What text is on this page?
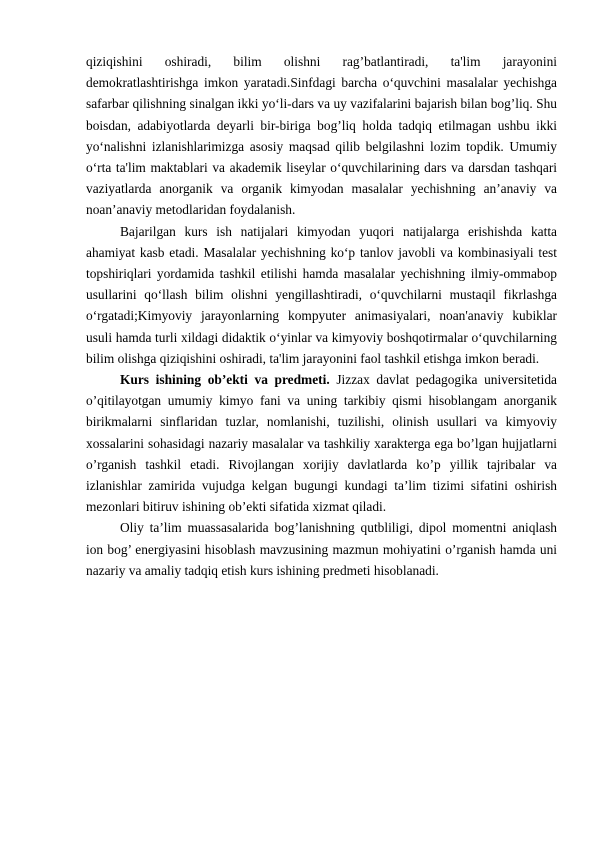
qiziqishini oshiradi, bilim olishni rag’batlantiradi, ta'lim jarayonini demokratlashtirishga imkon yaratadi.Sinfdagi barcha o‘quvchini masalalar yechishga safarbar qilishning sinalgan ikki yo‘li-dars va uy vazifalarini bajarish bilan bog’liq. Shu boisdan, adabiyotlarda deyarli bir-biriga bog’liq holda tadqiq etilmagan ushbu ikki yo‘nalishni izlanishlarimizga asosiy maqsad qilib belgilashni lozim topdik. Umumiy o‘rta ta'lim maktablari va akademik liseylar o‘quvchilarining dars va darsdan tashqari vaziyatlarda anorganik va organik kimyodan masalalar yechishning an’anaviy va noan’anaviy metodlaridan foydalanish.

Bajarilgan kurs ish natijalari kimyodan yuqori natijalarga erishishda katta ahamiyat kasb etadi. Masalalar yechishning ko‘p tanlov javobli va kombinasiyali test topshiriqlari yordamida tashkil etilishi hamda masalalar yechishning ilmiy-ommabop usullarini qo‘llash bilim olishni yengillashtiradi, o‘quvchilarni mustaqil fikrlashga o‘rgatadi;Kimyoviy jarayonlarning kompyuter animasiyalari, noan'anaviy kubiklar usuli hamda turli xildagi didaktik o‘yinlar va kimyoviy boshqotirmalar o‘quvchilarning bilim olishga qiziqishini oshiradi, ta'lim jarayonini faol tashkil etishga imkon beradi.

Kurs ishining ob’ekti va predmeti. Jizzax davlat pedagogika universitetida o’qitilayotgan umumiy kimyo fani va uning tarkibiy qismi hisoblangam anorganik birikmalarni sinflaridan tuzlar, nomlanishi, tuzilishi, olinish usullari va kimyoviy xossalarini sohasidagi nazariy masalalar va tashkiliy xarakterga ega bo’lgan hujjatlarni o’rganish tashkil etadi. Rivojlangan xorijiy davlatlarda ko’p yillik tajribalar va izlanishlar zamirida vujudga kelgan bugungi kundagi ta’lim tizimi sifatini oshirish mezonlari bitiruv ishining ob’ekti sifatida xizmat qiladi.

Oliy ta’lim muassasalarida bog’lanishning qutbliligi, dipol momentni aniqlash ion bog’ energiyasini hisoblash mavzusining mazmun mohiyatini o’rganish hamda uni nazariy va amaliy tadqiq etish kurs ishining predmeti hisoblanadi.
